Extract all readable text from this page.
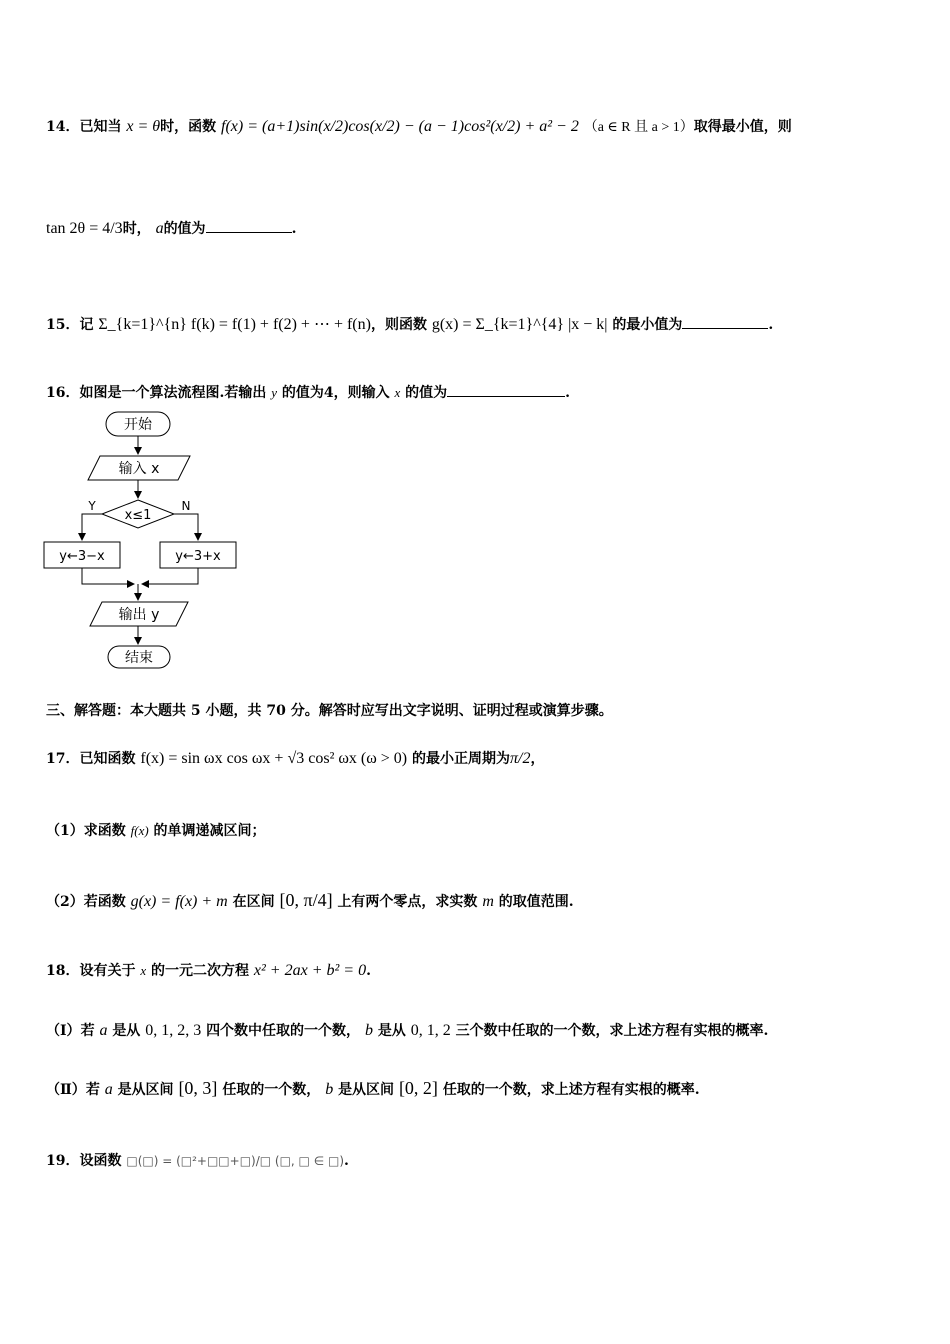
14．已知当 x = θ时，函数 f(x) = (a+1)sin(x/2)cos(x/2) − (a − 1)cos²(x/2) + a² − 2 （a ∈ R 且 a > 1）取得最小值，则
tan 2θ = 4/3时， a的值为	.
15．记 Σ_{k=1}^{n} f(k) = f(1) + f(2) + ⋯ + f(n)，则函数 g(x) = Σ_{k=1}^{4} |x − k| 的最小值为	.
16．如图是一个算法流程图.若输出 y 的值为4，则输入 x 的值为	.
开始
输入 x
x≤1
Y	N
y←3−x	y←3+x
输出 y
结束
三、解答题：本大题共 5 小题，共 70 分。解答时应写出文字说明、证明过程或演算步骤。
17．已知函数 f(x) = sin ωx cos ωx + √3 cos² ωx (ω > 0) 的最小正周期为π/2，
（1）求函数 f(x) 的单调递减区间；
（2）若函数 g(x) = f(x) + m 在区间 [0, π/4] 上有两个零点，求实数 m 的取值范围.
18．设有关于 x 的一元二次方程 x² + 2ax + b² = 0.
（Ⅰ）若 a 是从 0, 1, 2, 3 四个数中任取的一个数， b 是从 0, 1, 2 三个数中任取的一个数，求上述方程有实根的概率.
（Ⅱ）若 a 是从区间 [0, 3] 任取的一个数， b 是从区间 [0, 2] 任取的一个数，求上述方程有实根的概率.
19．设函数 □(□) = (□²+□□+□)/□ (□, □ ∈ □).
